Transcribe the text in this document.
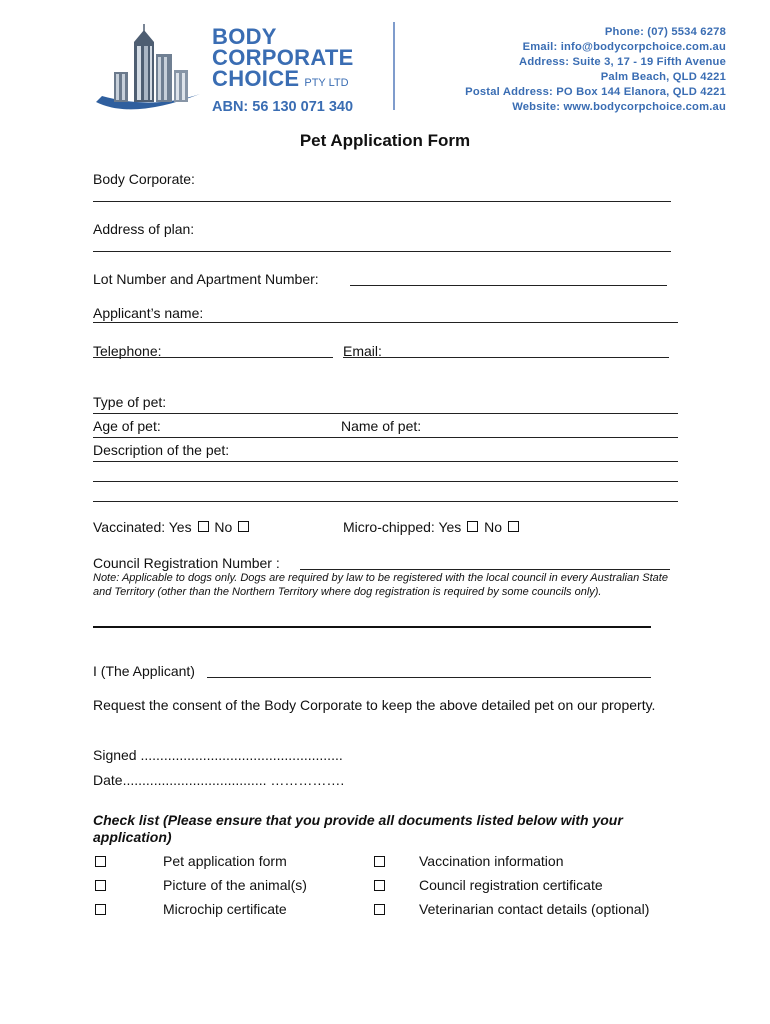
BODY
CORPORATE
CHOICE PTY LTD
ABN: 56 130 071 340
Phone: (07) 5534 6278
Email: info@bodycorpchoice.com.au
Address: Suite 3, 17 - 19 Fifth Avenue
Palm Beach, QLD 4221
Postal Address: PO Box 144 Elanora, QLD 4221
Website: www.bodycorpchoice.com.au
Pet Application Form
Body Corporate:
Address of plan:
Lot Number and Apartment Number:
Applicant’s name:
Telephone:	Email:
Type of pet:
Age of pet:	Name of pet:
Description of the pet:
Vaccinated: Yes No	Micro-chipped: Yes No
Council Registration Number :
Note: Applicable to dogs only. Dogs are required by law to be registered with the local council in every Australian State and Territory (other than the Northern Territory where dog registration is required by some councils only).
I (The Applicant)
Request the consent of the Body Corporate to keep the above detailed pet on our property.
Signed ....................................................
Date..................................... …………….
Check list (Please ensure that you provide all documents listed below with your application)
Pet application form	Vaccination information
Picture of the animal(s)	Council registration certificate
Microchip certificate	Veterinarian contact details (optional)
